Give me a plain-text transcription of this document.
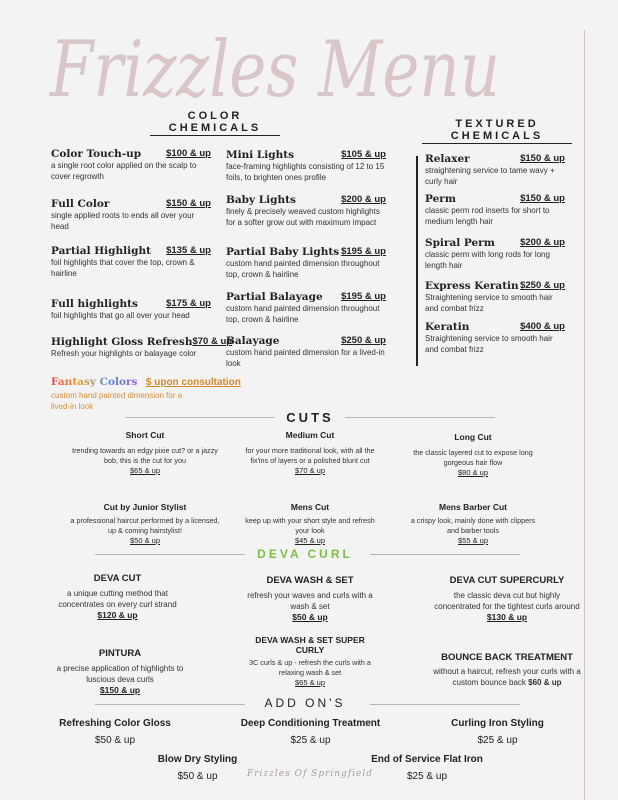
Frizzles Menu
COLOR
CHEMICALS	TEXTURED
CHEMICALS
Color Touch-up	$100 & up
a single root color applied on the scalp to cover regrowth
Full Color	$150 & up
single applied roots to ends all over your head
Partial Highlight $135 & up
foil highlights that cover the top, crown & hairline
Full highlights	$175 & up
foil highlights that go all over your head
Highlight Gloss Refresh $70 & up
Refresh your highlights or balayage color
Mini Lights	$105 & up
face-framing highlights consisting of 12 to 15 foils, to brighten ones profile
Baby Lights	$200 & up
finely & precisely weaved custom highlights for a softer grow out with maximum impact
Partial Baby Lights $195 & up
custom hand painted dimension throughout top, crown & hairline
Partial Balayage $195 & up
custom hand painted dimension throughout top, crown & hairline
Balayage	$250 & up
custom hand painted dimension for a lived-in look
Fantasy Colors $ upon consultation
custom hand painted dimension for a lived-in look
Relaxer	$150 & up
straightening service to tame wavy + curly hair
Perm	$150 & up
classic perm rod inserts for short to medium length hair
Spiral Perm	$200 & up
classic perm with long rods for long length hair
Express Keratin $250 & up
Straightening service to smooth hair and combat frizz
Keratin	$400 & up
Straightening service to smooth hair and combat frizz
CUTS
Short Cut
trending towards an edgy pixie cut? or a jazzy bob, this is the cut for you
$65 & up
Medium Cut
for your more traditional look, with all the fix'ins of layers or a polished blunt cut
$70 & up
Long Cut
the classic layered cut to expose long gorgeous hair flow
$80 & up
Cut by Junior Stylist
a professional haircut performed by a licensed, up & coming hairstylist!
$50 & up
Mens Cut
keep up with your short style and refresh your look
$45 & up
Mens Barber Cut
a crispy look, mainly done with clippers and barber tools
$55 & up
DEVA CURL
DEVA CUT
a unique cutting method that concentrates on every curl strand
$120 & up
DEVA WASH & SET
refresh your waves and curls with a wash & set
$50 & up
DEVA CUT SUPERCURLY
the classic deva cut but highly concentrated for the tightest curls around
$130 & up
PINTURA
a precise application of highlights to luscious deva curls
$150 & up
DEVA WASH & SET SUPER CURLY
3C curls & up - refresh the curls with a relaxing wash & set
$65 & up
BOUNCE BACK TREATMENT
without a haircut, refresh your curls with a custom bounce back $60 & up
ADD ON'S
Refreshing Color Gloss
$50 & up
Deep Conditioning Treatment
$25 & up
Curling Iron Styling
$25 & up
Blow Dry Styling
$50 & up
End of Service Flat Iron
$25 & up
Frizzles Of Springfield
